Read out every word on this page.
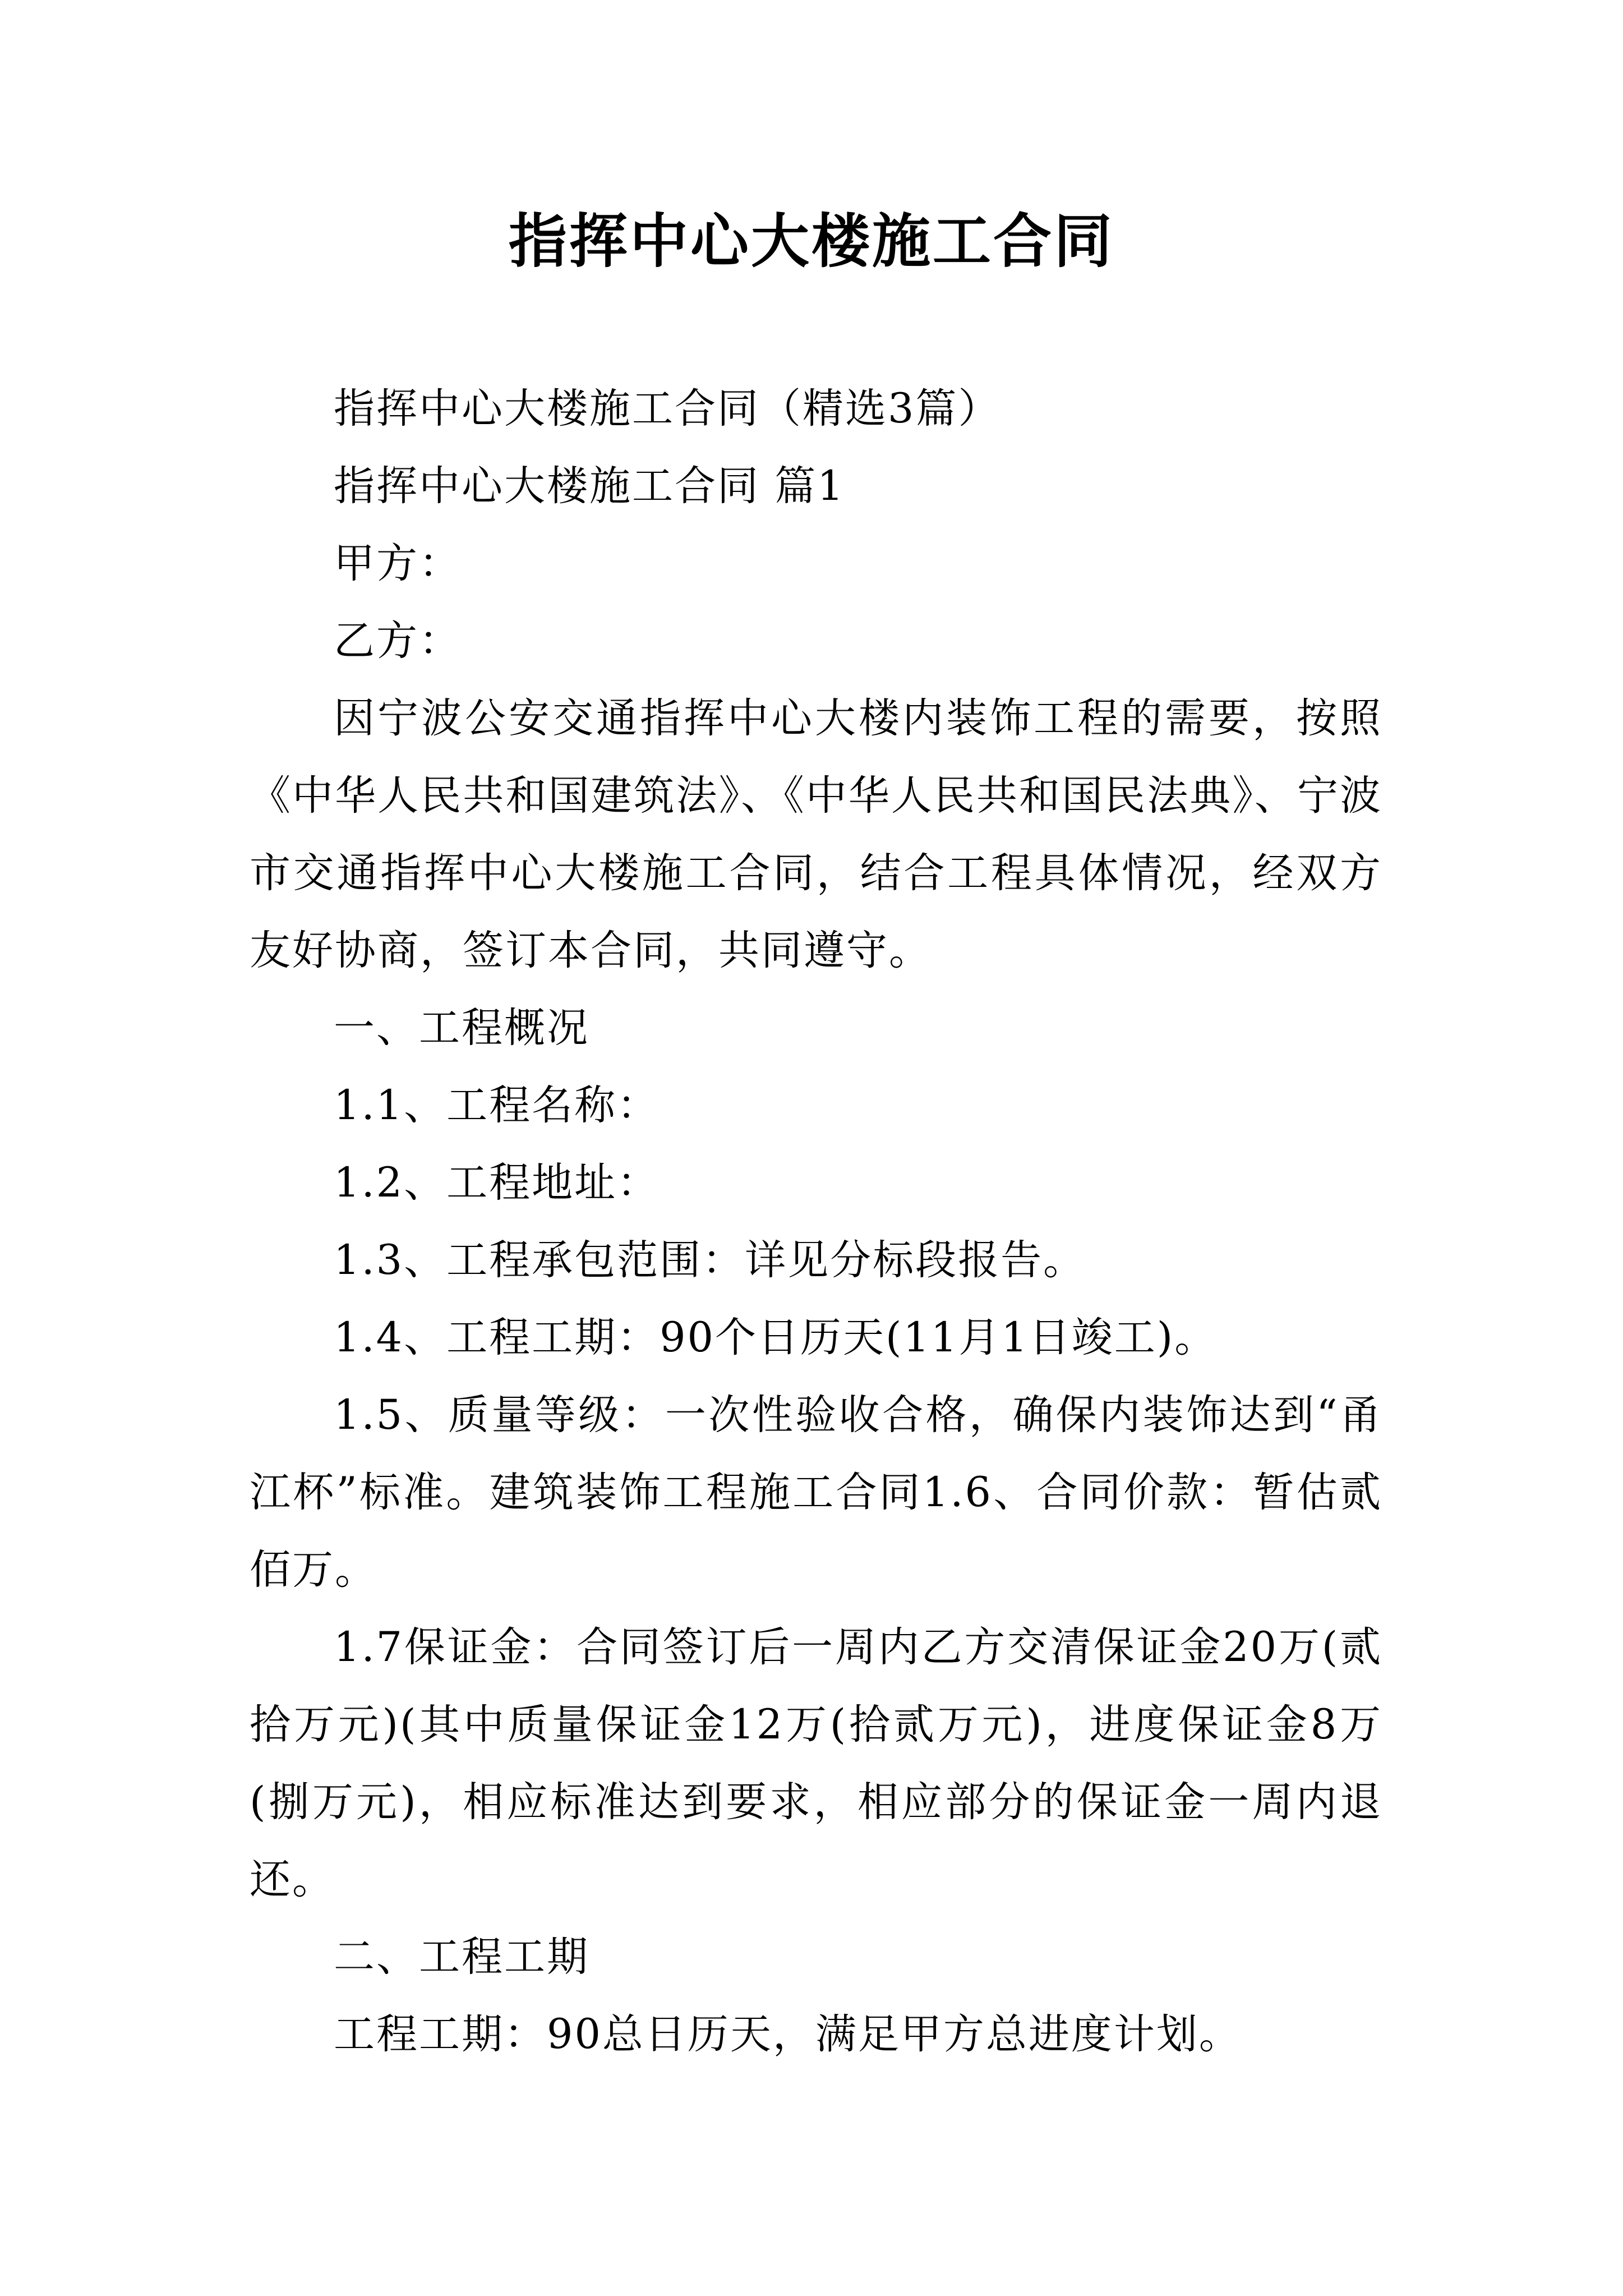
指挥中心大楼施工合同

指挥中心大楼施工合同（精选3篇）

指挥中心大楼施工合同 篇1

甲方：

乙方：

因宁波公安交通指挥中心大楼内装饰工程的需要，按照《中华人民共和国建筑法》、《中华人民共和国民法典》、宁波市交通指挥中心大楼施工合同，结合工程具体情况，经双方友好协商，签订本合同，共同遵守。

一、工程概况

1.1、工程名称：

1.2、工程地址：

1.3、工程承包范围：详见分标段报告。

1.4、工程工期：90个日历天(11月1日竣工)。

1.5、质量等级：一次性验收合格，确保内装饰达到“甬江杯”标准。建筑装饰工程施工合同1.6、合同价款：暂估贰佰万。

1.7保证金：合同签订后一周内乙方交清保证金20万(贰拾万元)(其中质量保证金12万(拾贰万元)，进度保证金8万(捌万元)，相应标准达到要求，相应部分的保证金一周内退还。

二、工程工期

工程工期：90总日历天，满足甲方总进度计划。
